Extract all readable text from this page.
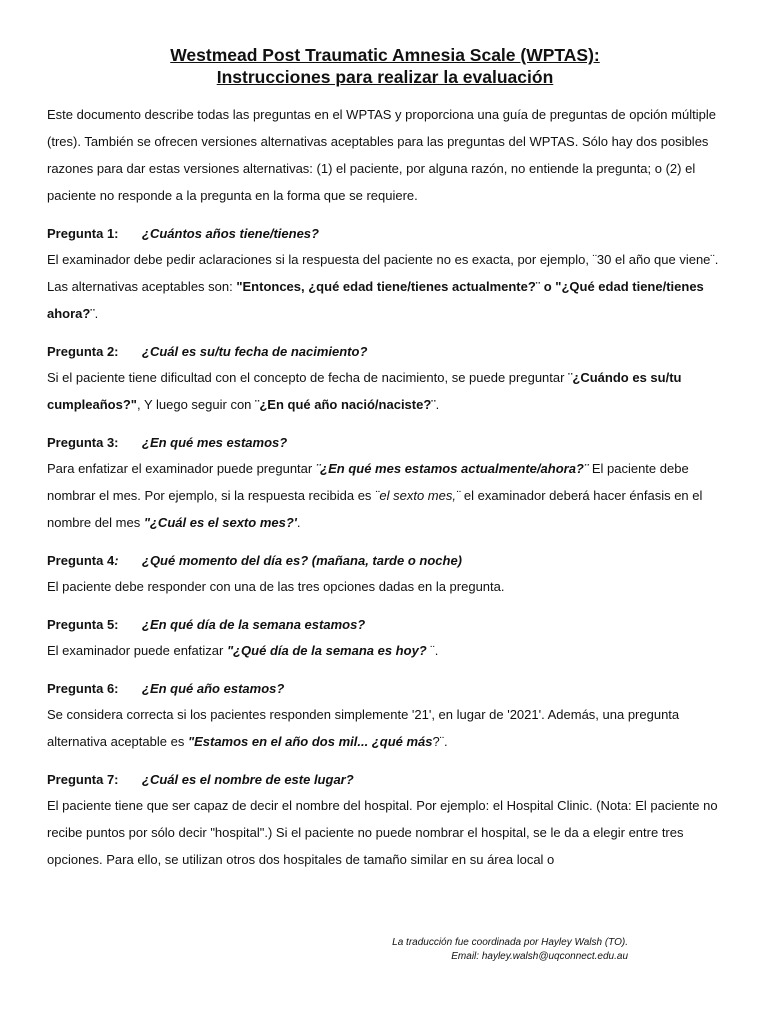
Westmead Post Traumatic Amnesia Scale (WPTAS):
Instrucciones para realizar la evaluación

Este documento describe todas las preguntas en el WPTAS y proporciona una guía de preguntas de opción múltiple (tres). También se ofrecen versiones alternativas aceptables para las preguntas del WPTAS. Sólo hay dos posibles razones para dar estas versiones alternativas: (1) el paciente, por alguna razón, no entiende la pregunta; o (2) el paciente no responde a la pregunta en la forma que se requiere.

Pregunta 1: ¿Cuántos años tiene/tienes?

El examinador debe pedir aclaraciones si la respuesta del paciente no es exacta, por ejemplo, ¨30 el año que viene¨. Las alternativas aceptables son: "Entonces, ¿qué edad tiene/tienes actualmente?¨ o "¿Qué edad tiene/tienes ahora?¨.

Pregunta 2: ¿Cuál es su/tu fecha de nacimiento?

Si el paciente tiene dificultad con el concepto de fecha de nacimiento, se puede preguntar ¨¿Cuándo es su/tu cumpleaños?", Y luego seguir con ¨¿En qué año nació/naciste?¨.

Pregunta 3: ¿En qué mes estamos?

Para enfatizar el examinador puede preguntar ¨¿En qué mes estamos actualmente/ahora?¨ El paciente debe nombrar el mes. Por ejemplo, si la respuesta recibida es ¨el sexto mes,¨ el examinador deberá hacer énfasis en el nombre del mes "¿Cuál es el sexto mes?'.

Pregunta 4: ¿Qué momento del día es? (mañana, tarde o noche)

El paciente debe responder con una de las tres opciones dadas en la pregunta.

Pregunta 5: ¿En qué día de la semana estamos?

El examinador puede enfatizar "¿Qué día de la semana es hoy? ¨.

Pregunta 6: ¿En qué año estamos?

Se considera correcta si los pacientes responden simplemente '21', en lugar de '2021'. Además, una pregunta alternativa aceptable es "Estamos en el año dos mil... ¿qué más?¨.

Pregunta 7: ¿Cuál es el nombre de este lugar?

El paciente tiene que ser capaz de decir el nombre del hospital. Por ejemplo: el Hospital Clinic. (Nota: El paciente no recibe puntos por sólo decir "hospital".) Si el paciente no puede nombrar el hospital, se le da a elegir entre tres opciones. Para ello, se utilizan otros dos hospitales de tamaño similar en su área local o

La traducción fue coordinada por Hayley Walsh (TO).
Email: hayley.walsh@uqconnect.edu.au
